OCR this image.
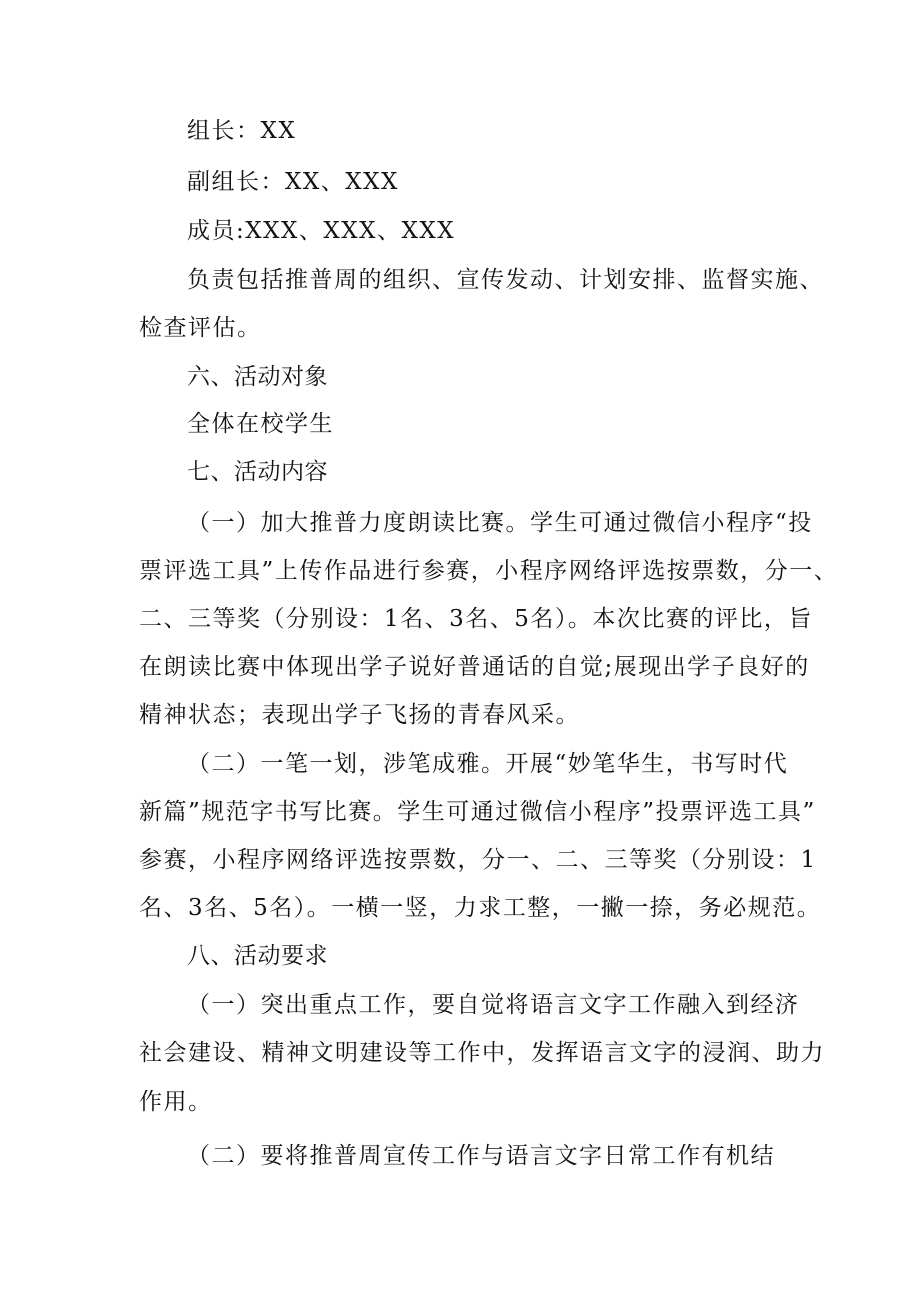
组长：XX
副组长：XX、XXX
成员:XXX、XXX、XXX
负责包括推普周的组织、宣传发动、计划安排、监督实施、
检查评估。
六、活动对象
全体在校学生
七、活动内容
（一）加大推普力度朗读比赛。学生可通过微信小程序“投
票评选工具”上传作品进行参赛，小程序网络评选按票数，分一、
二、三等奖（分别设：1名、3名、5名）。本次比赛的评比，旨
在朗读比赛中体现出学子说好普通话的自觉;展现出学子良好的
精神状态；表现出学子飞扬的青春风采。
（二）一笔一划，涉笔成雅。开展“妙笔华生，书写时代
新篇”规范字书写比赛。学生可通过微信小程序”投票评选工具”
参赛，小程序网络评选按票数，分一、二、三等奖（分别设：1
名、3名、5名）。一横一竖，力求工整，一撇一捺，务必规范。
八、活动要求
（一）突出重点工作，要自觉将语言文字工作融入到经济
社会建设、精神文明建设等工作中，发挥语言文字的浸润、助力
作用。
（二）要将推普周宣传工作与语言文字日常工作有机结
